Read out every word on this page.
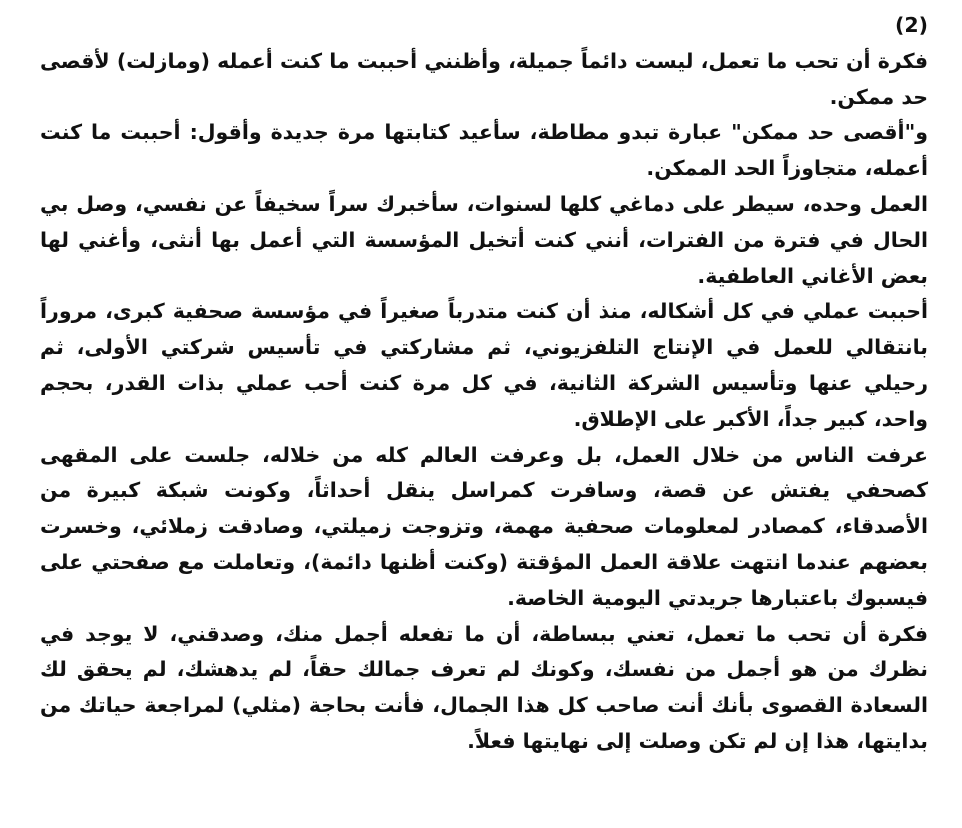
(2)

فكرة أن تحب ما تعمل، ليست دائماً جميلة، وأظنني أحببت ما كنت أعمله (ومازلت) لأقصى حد ممكن.

و"أقصى حد ممكن" عبارة تبدو مطاطة، سأعيد كتابتها مرة جديدة وأقول: أحببت ما كنت أعمله، متجاوزاً الحد الممكن.

العمل وحده، سيطر على دماغي كلها لسنوات، سأخبرك سراً سخيفاً عن نفسي، وصل بي الحال في فترة من الفترات، أنني كنت أتخيل المؤسسة التي أعمل بها أنثى، وأغني لها بعض الأغاني العاطفية.

أحببت عملي في كل أشكاله، منذ أن كنت متدرباً صغيراً في مؤسسة صحفية كبرى، مروراً بانتقالي للعمل في الإنتاج التلفزيوني، ثم مشاركتي في تأسيس شركتي الأولى، ثم رحيلي عنها وتأسيس الشركة الثانية، في كل مرة كنت أحب عملي بذات القدر، بحجم واحد، كبير جداً، الأكبر على الإطلاق.

عرفت الناس من خلال العمل، بل وعرفت العالم كله من خلاله، جلست على المقهى كصحفي يفتش عن قصة، وسافرت كمراسل ينقل أحداثاً، وكونت شبكة كبيرة من الأصدقاء، كمصادر لمعلومات صحفية مهمة، وتزوجت زميلتي، وصادقت زملائي، وخسرت بعضهم عندما انتهت علاقة العمل المؤقتة (وكنت أظنها دائمة)، وتعاملت مع صفحتي على فيسبوك باعتبارها جريدتي اليومية الخاصة.

فكرة أن تحب ما تعمل، تعني ببساطة، أن ما تفعله أجمل منك، وصدقني، لا يوجد في نظرك من هو أجمل من نفسك، وكونك لم تعرف جمالك حقاً، لم يدهشك، لم يحقق لك السعادة القصوى بأنك أنت صاحب كل هذا الجمال، فأنت بحاجة (مثلي) لمراجعة حياتك من بدايتها، هذا إن لم تكن وصلت إلى نهايتها فعلاً.
